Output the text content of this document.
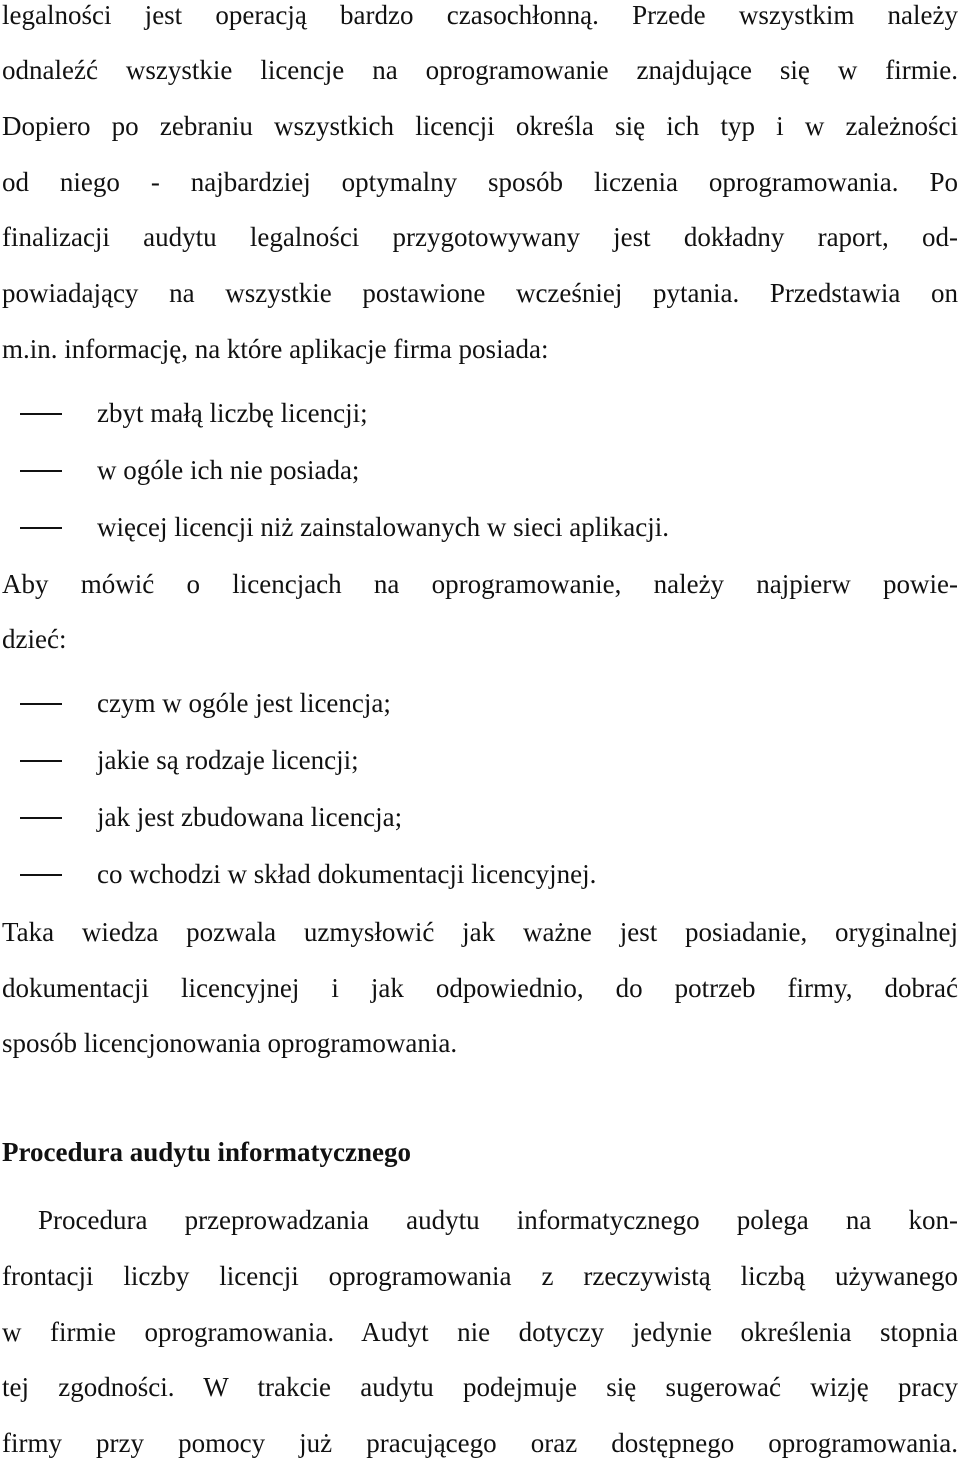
legalności jest operacją bardzo czasochłonną. Przede wszystkim należy
odnaleźć wszystkie licencje na oprogramowanie znajdujące się w firmie.
Dopiero po zebraniu wszystkich licencji określa się ich typ i w zależności
od niego - najbardziej optymalny sposób liczenia oprogramowania. Po
finalizacji audytu legalności przygotowywany jest dokładny raport, od-
powiadający na wszystkie postawione wcześniej pytania. Przedstawia on
m.in. informację, na które aplikacje firma posiada:
zbyt małą liczbę licencji;
w ogóle ich nie posiada;
więcej licencji niż zainstalowanych w sieci aplikacji.
Aby mówić o licencjach na oprogramowanie, należy najpierw powie-
dzieć:
czym w ogóle jest licencja;
jakie są rodzaje licencji;
jak jest zbudowana licencja;
co wchodzi w skład dokumentacji licencyjnej.
Taka wiedza pozwala uzmysłowić jak ważne jest posiadanie, oryginalnej
dokumentacji licencyjnej i jak odpowiednio, do potrzeb firmy, dobrać
sposób licencjonowania oprogramowania.
Procedura audytu informatycznego
Procedura przeprowadzania audytu informatycznego polega na kon-
frontacji liczby licencji oprogramowania z rzeczywistą liczbą używanego
w firmie oprogramowania. Audyt nie dotyczy jedynie określenia stopnia
tej zgodności. W trakcie audytu podejmuje się sugerować wizję pracy
firmy przy pomocy już pracującego oraz dostępnego oprogramowania.
